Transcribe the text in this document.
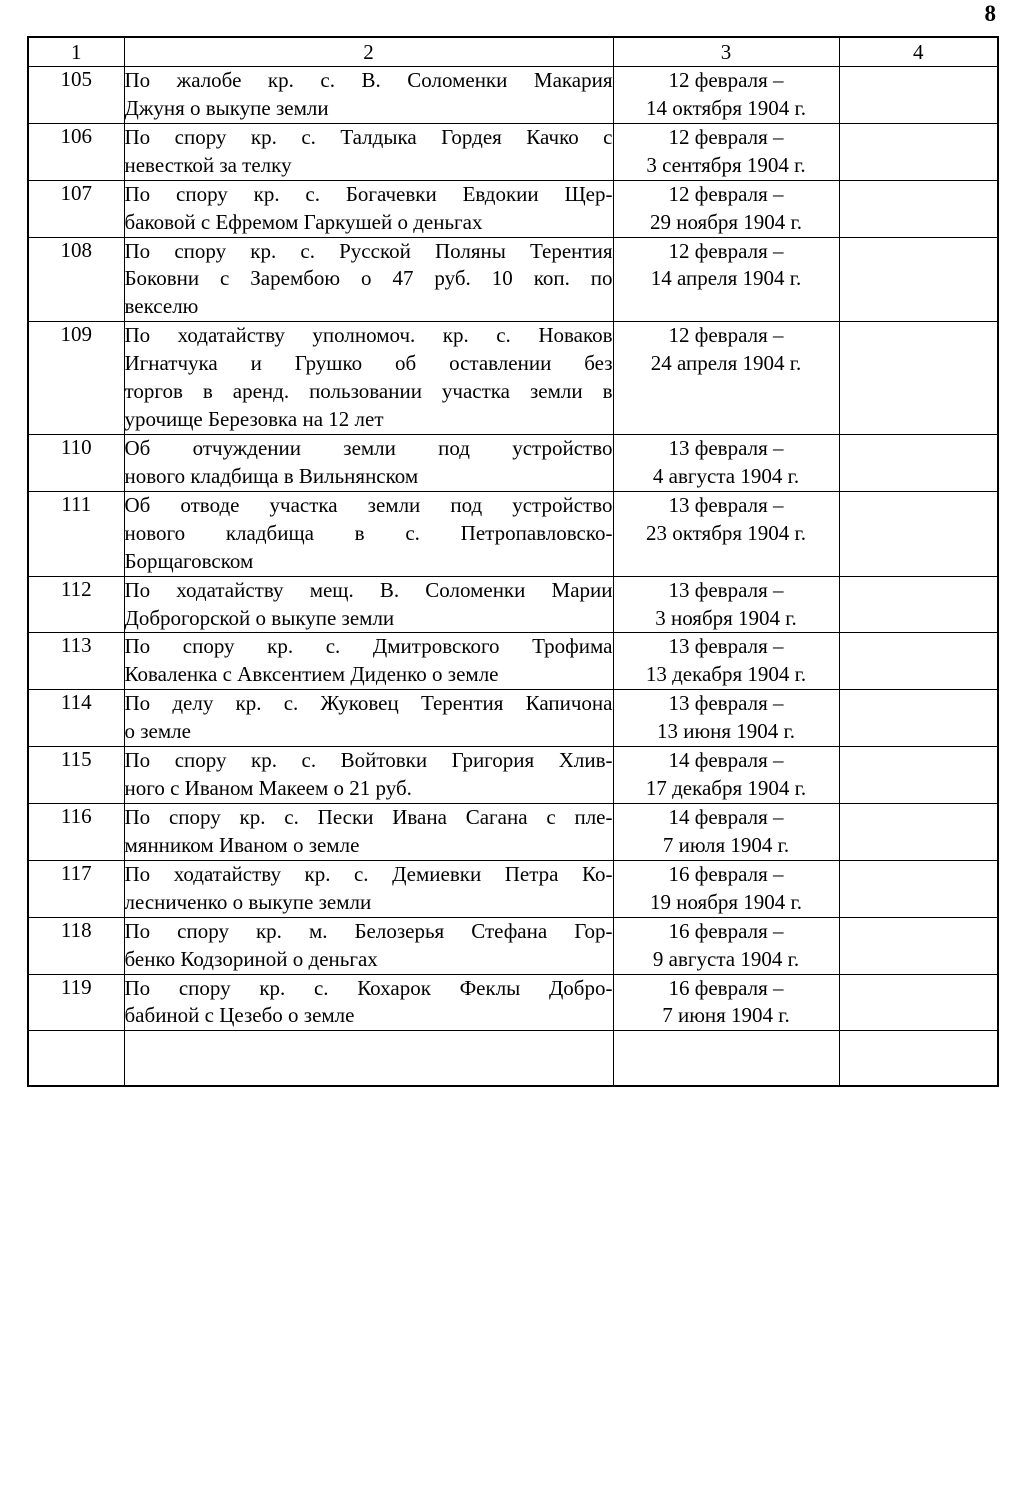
8
1	2	3	4
105	По жалобе кр. с. В. Соломенки Макария
Джуня о выкупе земли	12 февраля –
14 октября 1904 г.	

106	По спору кр. с. Талдыка Гордея Качко с
невесткой за телку	12 февраля –
3 сентября 1904 г.	

107	По спору кр. с. Богачевки Евдокии Щер-
баковой с Ефремом Гаркушей о деньгах	12 февраля –
29 ноября 1904 г.	

108	По спору кр. с. Русской Поляны Терентия
Боковни с Зарембою о 47 руб. 10 коп. по
векселю	12 февраля –
14 апреля 1904 г.	

109	По ходатайству уполномоч. кр. с. Новаков
Игнатчука и Грушко об оставлении без
торгов в аренд. пользовании участка земли в
урочище Березовка на 12 лет	12 февраля –
24 апреля 1904 г.	

110	Об отчуждении земли под устройство
нового кладбища в Вильнянском	13 февраля –
4 августа 1904 г.	

111	Об отводе участка земли под устройство
нового кладбища в с. Петропавловско-
Борщаговском	13 февраля –
23 октября 1904 г.	

112	По ходатайству мещ. В. Соломенки Марии
Доброгорской о выкупе земли	13 февраля –
3 ноября 1904 г.	

113	По спору кр. с. Дмитровского Трофима
Коваленка с Авксентием Диденко о земле	13 февраля –
13 декабря 1904 г.	

114	По делу кр. с. Жуковец Терентия Капичона
о земле	13 февраля –
13 июня 1904 г.	

115	По спору кр. с. Войтовки Григория Хлив-
ного с Иваном Макеем о 21 руб.	14 февраля –
17 декабря 1904 г.	

116	По спору кр. с. Пески Ивана Сагана с пле-
мянником Иваном о земле	14 февраля –
7 июля 1904 г.	

117	По ходатайству кр. с. Демиевки Петра Ко-
лесниченко о выкупе земли	16 февраля –
19 ноября 1904 г.	

118	По спору кр. м. Белозерья Стефана Гор-
бенко Кодзориной о деньгах	16 февраля –
9 августа 1904 г.	

119	По спору кр. с. Кохарок Феклы Добро-
бабиной с Цезебо о земле	16 февраля –
7 июня 1904 г.	
